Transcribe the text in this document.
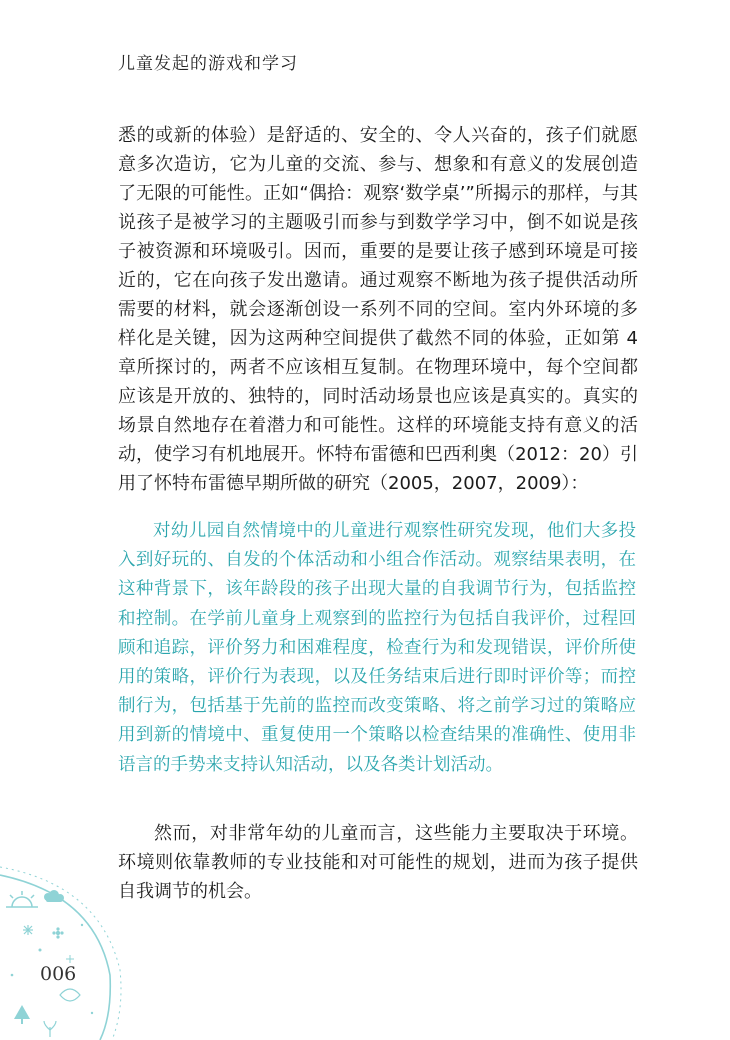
儿童发起的游戏和学习

悉的或新的体验）是舒适的、安全的、令人兴奋的，孩子们就愿意多次造访，它为儿童的交流、参与、想象和有意义的发展创造了无限的可能性。正如“偶拾：观察‘数学桌’”所揭示的那样，与其说孩子是被学习的主题吸引而参与到数学学习中，倒不如说是孩子被资源和环境吸引。因而，重要的是要让孩子感到环境是可接近的，它在向孩子发出邀请。通过观察不断地为孩子提供活动所需要的材料，就会逐渐创设一系列不同的空间。室内外环境的多样化是关键，因为这两种空间提供了截然不同的体验，正如第 4 章所探讨的，两者不应该相互复制。在物理环境中，每个空间都应该是开放的、独特的，同时活动场景也应该是真实的。真实的场景自然地存在着潜力和可能性。这样的环境能支持有意义的活动，使学习有机地展开。怀特布雷德和巴西利奥（2012：20）引用了怀特布雷德早期所做的研究（2005，2007，2009）：

对幼儿园自然情境中的儿童进行观察性研究发现，他们大多投入到好玩的、自发的个体活动和小组合作活动。观察结果表明，在这种背景下，该年龄段的孩子出现大量的自我调节行为，包括监控和控制。在学前儿童身上观察到的监控行为包括自我评价，过程回顾和追踪，评价努力和困难程度，检查行为和发现错误，评价所使用的策略，评价行为表现，以及任务结束后进行即时评价等；而控制行为，包括基于先前的监控而改变策略、将之前学习过的策略应用到新的情境中、重复使用一个策略以检查结果的准确性、使用非语言的手势来支持认知活动，以及各类计划活动。

然而，对非常年幼的儿童而言，这些能力主要取决于环境。环境则依靠教师的专业技能和对可能性的规划，进而为孩子提供自我调节的机会。

006
